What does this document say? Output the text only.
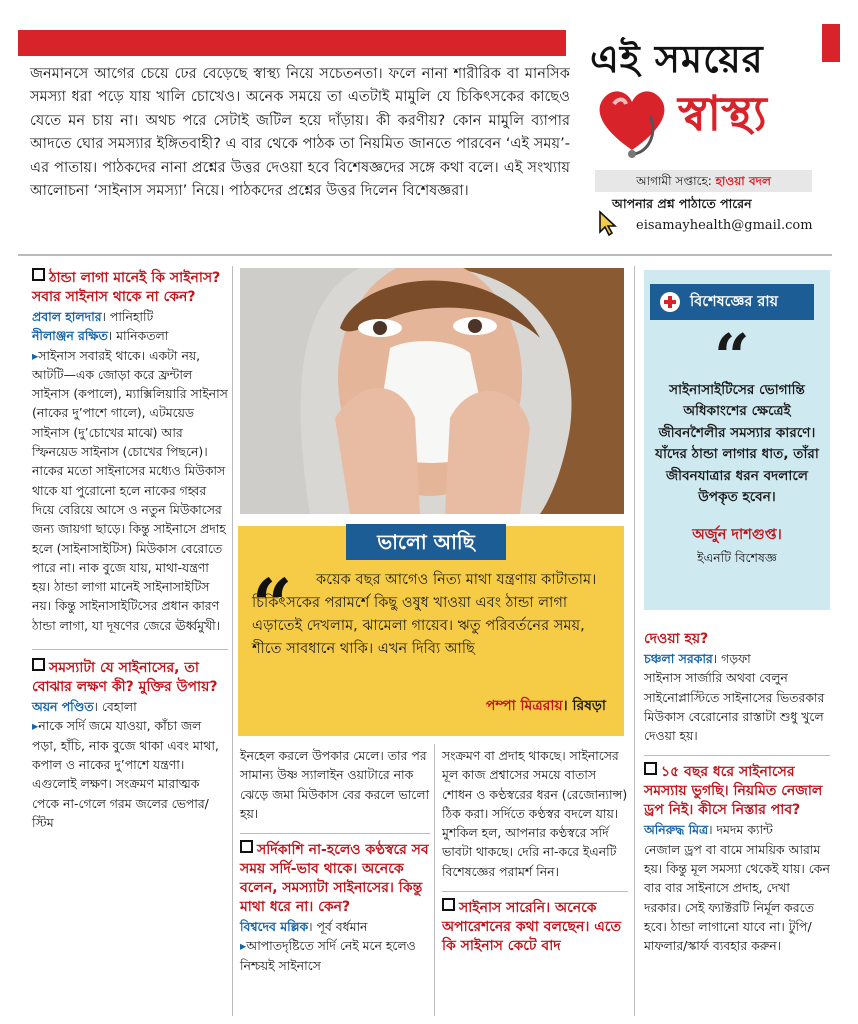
এই সময়ের
স্বাস্থ্য
আগামী সপ্তাহে: হাওয়া বদল
আপনার প্রশ্ন পাঠাতে পারেন
eisamayhealth@gmail.com
জনমানসে আগের চেয়ে ঢের বেড়েছে স্বাস্থ্য নিয়ে সচেতনতা। ফলে নানা শারীরিক বা মানসিক সমস্যা ধরা পড়ে যায় খালি চোখেও। অনেক সময়ে তা এতটাই মামুলি যে চিকিৎসকের কাছেও যেতে মন চায় না। অথচ পরে সেটাই জটিল হয়ে দাঁড়ায়। কী করণীয়? কোন মামুলি ব্যাপার আদতে ঘোর সমস্যার ইঙ্গিতবাহী? এ বার থেকে পাঠক তা নিয়মিত জানতে পারবেন ‘এই সময়’-এর পাতায়। পাঠকদের নানা প্রশ্নের উত্তর দেওয়া হবে বিশেষজ্ঞদের সঙ্গে কথা বলে। এই সংখ্যায় আলোচনা ‘সাইনাস সমস্যা’ নিয়ে। পাঠকদের প্রশ্নের উত্তর দিলেন বিশেষজ্ঞরা।
ঠান্ডা লাগা মানেই কি সাইনাস? সবার সাইনাস থাকে না কেন?
প্রবাল হালদার। পানিহাটি
নীলাঞ্জন রক্ষিত। মানিকতলা
▸সাইনাস সবারই থাকে। একটা নয়, আটটি—এক জোড়া করে ফ্রন্টাল সাইনাস (কপালে), ম্যাক্সিলিয়ারি সাইনাস (নাকের দু’পাশে গালে), এটময়েড সাইনাস (দু’চোখের মাঝে) আর স্ফিনয়েড সাইনাস (চোখের পিছনে)। নাকের মতো সাইনাসের মধ্যেও মিউকাস থাকে যা পুরোনো হলে নাকের গহ্বর দিয়ে বেরিয়ে আসে ও নতুন মিউকাসের জন্য জায়গা ছাড়ে। কিন্তু সাইনাসে প্রদাহ হলে (সাইনাসাইটিস) মিউকাস বেরোতে পারে না। নাক বুজে যায়, মাথা-যন্ত্রণা হয়। ঠান্ডা লাগা মানেই সাইনাসাইটিস নয়। কিন্তু সাইনাসাইটিসের প্রধান কারণ ঠান্ডা লাগা, যা দূষণের জেরে ঊর্ধ্বমুখী।
সমস্যাটা যে সাইনাসের, তা বোঝার লক্ষণ কী? মুক্তির উপায়?
অয়ন পণ্ডিত। বেহালা
▸নাকে সর্দি জমে যাওয়া, কাঁচা জল পড়া, হাঁচি, নাক বুজে থাকা এবং মাথা, কপাল ও নাকের দু’পাশে যন্ত্রণা। এগুলোই লক্ষণ। সংক্রমণ মারাত্মক পেকে না-গেলে গরম জলের ভেপার/স্টিম
ভালো আছি
“	কয়েক বছর আগেও নিত্য মাথা যন্ত্রণায় কাটাতাম। চিকিৎসকের পরামর্শে কিছু ওষুধ খাওয়া এবং ঠান্ডা লাগা এড়াতেই দেখলাম, ঝামেলা গায়েব। ঋতু পরিবর্তনের সময়, শীতে সাবধানে থাকি। এখন দিব্যি আছি
পম্পা মিত্ররায়। রিষড়া
ইনহেল করলে উপকার মেলে। তার পর সামান্য উষ্ণ স্যালাইন ওয়াটারে নাক ঝেড়ে জমা মিউকাস বের করলে ভালো হয়।
সর্দিকাশি না-হলেও কণ্ঠস্বরে সব সময় সর্দি-ভাব থাকে। অনেকে বলেন, সমস্যাটা সাইনাসের। কিন্তু মাথা ধরে না। কেন?
বিশ্বদেব মল্লিক। পূর্ব বর্ধমান
▸আপাতদৃষ্টিতে সর্দি নেই মনে হলেও নিশ্চয়ই সাইনাসে
সংক্রমণ বা প্রদাহ থাকছে। সাইনাসের মূল কাজ প্রশ্বাসের সময়ে বাতাস শোধন ও কণ্ঠস্বরের ধরন (রেজোন্যান্স) ঠিক করা। সর্দিতে কণ্ঠস্বর বদলে যায়। মুশকিল হল, আপনার কণ্ঠস্বরে সর্দি ভাবটা থাকছে। দেরি না-করে ইএনটি বিশেষজ্ঞের পরামর্শ নিন।
সাইনাস সারেনি। অনেকে অপারেশনের কথা বলছেন। এতে কি সাইনাস কেটে বাদ
বিশেষজ্ঞের রায়
“
সাইনাসাইটিসের ভোগান্তি অধিকাংশের ক্ষেত্রেই জীবনশৈলীর সমস্যার কারণে। যাঁদের ঠান্ডা লাগার ধাত, তাঁরা জীবনযাত্রার ধরন বদলালে উপকৃত হবেন।
অর্জুন দাশগুপ্ত।
ইএনটি বিশেষজ্ঞ
দেওয়া হয়?
চঞ্চলা সরকার। গড়ফা
সাইনাস সার্জারি অথবা বেলুন সাইনোপ্লাস্টিতে সাইনাসের ভিতরকার মিউকাস বেরোনোর রাস্তাটা শুধু খুলে দেওয়া হয়।
১৫ বছর ধরে সাইনাসের সমস্যায় ভুগছি। নিয়মিত নেজাল ড্রপ নিই। কীসে নিস্তার পাব?
অনিরুদ্ধ মিত্র। দমদম ক্যান্ট
নেজাল ড্রপ বা বামে সাময়িক আরাম হয়। কিন্তু মূল সমস্যা থেকেই যায়। কেন বার বার সাইনাসে প্রদাহ, দেখা দরকার। সেই ফ্যাক্টরটি নির্মূল করতে হবে। ঠান্ডা লাগানো যাবে না। টুপি/মাফলার/স্কার্ফ ব্যবহার করুন।
